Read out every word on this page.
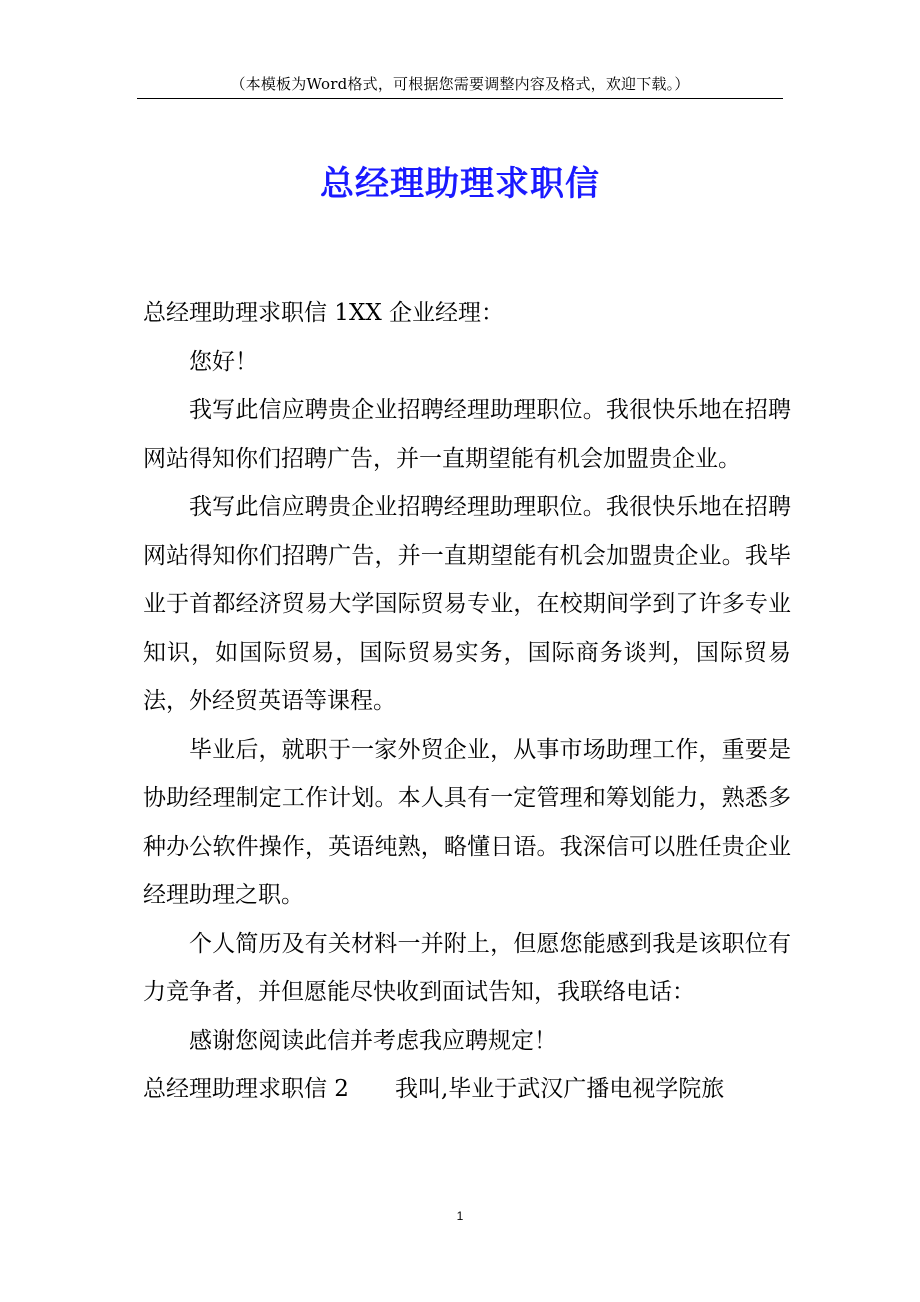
（本模板为Word格式，可根据您需要调整内容及格式，欢迎下载。）
总经理助理求职信

总经理助理求职信 1XX 企业经理：

您好！

我写此信应聘贵企业招聘经理助理职位。我很快乐地在招聘网站得知你们招聘广告，并一直期望能有机会加盟贵企业。

我写此信应聘贵企业招聘经理助理职位。我很快乐地在招聘网站得知你们招聘广告，并一直期望能有机会加盟贵企业。我毕业于首都经济贸易大学国际贸易专业，在校期间学到了许多专业知识，如国际贸易，国际贸易实务，国际商务谈判，国际贸易法，外经贸英语等课程。

毕业后，就职于一家外贸企业，从事市场助理工作，重要是协助经理制定工作计划。本人具有一定管理和筹划能力，熟悉多种办公软件操作，英语纯熟，略懂日语。我深信可以胜任贵企业经理助理之职。

个人简历及有关材料一并附上，但愿您能感到我是该职位有力竞争者，并但愿能尽快收到面试告知，我联络电话：

感谢您阅读此信并考虑我应聘规定！

总经理助理求职信 2 我叫,毕业于武汉广播电视学院旅

1
